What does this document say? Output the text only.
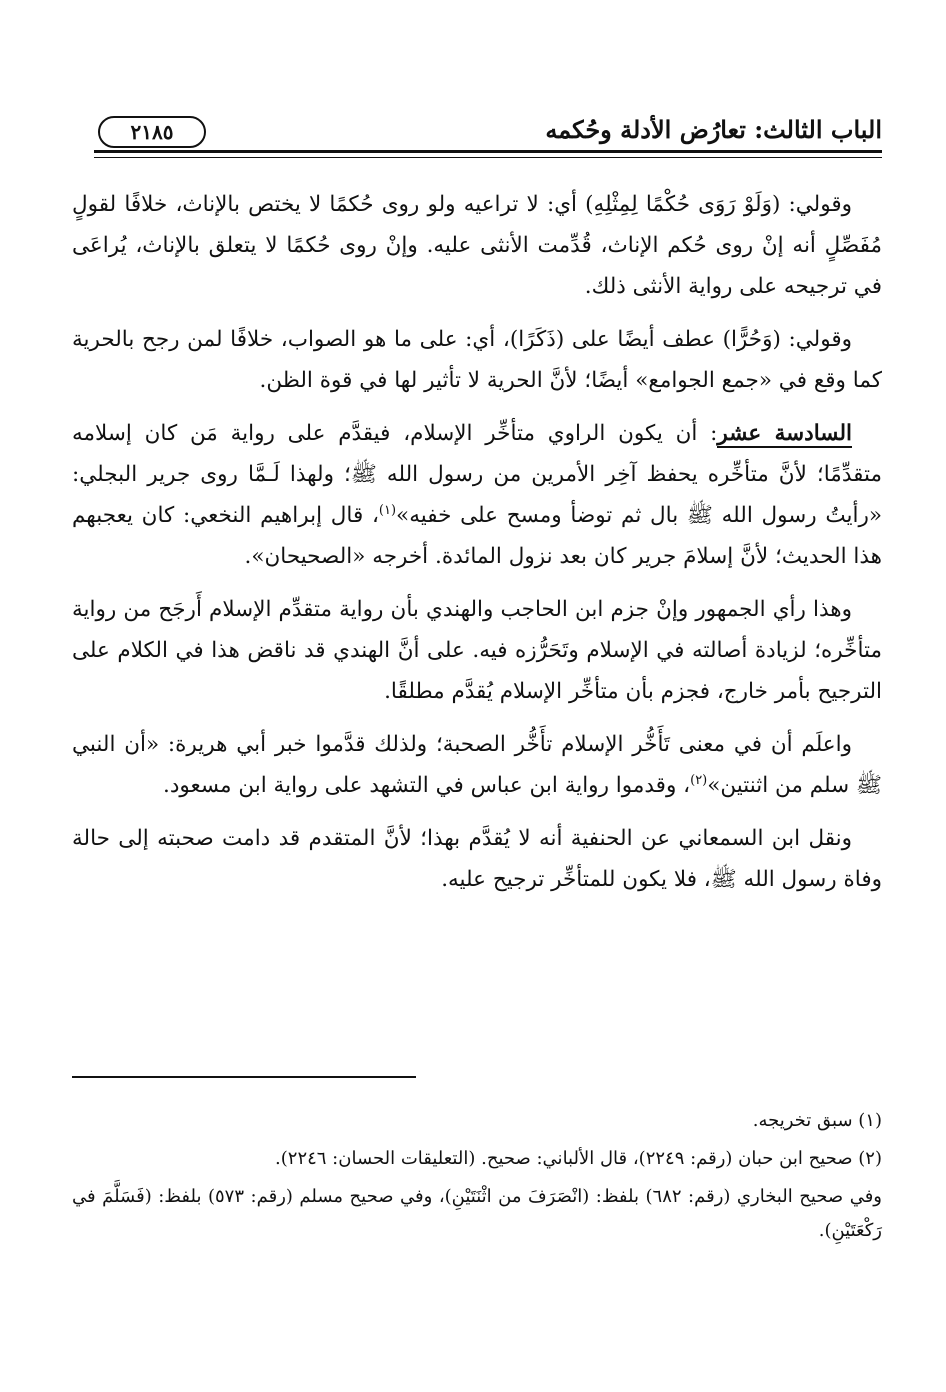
الباب الثالث: تعارُض الأدلة وحُكمه
٢١٨٥

وقولي: (وَلَوْ رَوَى حُكْمًا لِمِثْلِهِ) أي: لا تراعيه ولو روى حُكمًا لا يختص بالإناث، خلافًا لقولٍ مُفَصِّلٍ أنه إنْ روى حُكم الإناث، قُدِّمت الأنثى عليه. وإنْ روى حُكمًا لا يتعلق بالإناث، يُراعَى في ترجيحه على رواية الأنثى ذلك.

وقولي: (وَحُرًّا) عطف أيضًا على (ذَكَرًا)، أي: على ما هو الصواب، خلافًا لمن رجح بالحرية كما وقع في «جمع الجوامع» أيضًا؛ لأنَّ الحرية لا تأثير لها في قوة الظن.

السادسة عشر: أن يكون الراوي متأخِّر الإسلام، فيقدَّم على رواية مَن كان إسلامه متقدِّمًا؛ لأنَّ متأخِّره يحفظ آخِر الأمرين من رسول الله ﷺ؛ ولهذا لَـمَّا روى جرير البجلي: «رأيتُ رسول الله ﷺ بال ثم توضأ ومسح على خفيه»$^{(١)}$، قال إبراهيم النخعي: كان يعجبهم هذا الحديث؛ لأنَّ إسلامَ جرير كان بعد نزول المائدة. أخرجه «الصحيحان».

وهذا رأي الجمهور وإنْ جزم ابن الحاجب والهندي بأن رواية متقدِّم الإسلام أَرجَح من رواية متأخِّره؛ لزيادة أصالته في الإسلام وتَحَرُّزه فيه. على أنَّ الهندي قد ناقض هذا في الكلام على الترجيح بأمر خارج، فجزم بأن متأخِّر الإسلام يُقدَّم مطلقًا.

واعلَم أن في معنى تَأَخُّر الإسلام تأَخُّر الصحبة؛ ولذلك قدَّموا خبر أبي هريرة: «أن النبي ﷺ سلم من اثنتين»$^{(٢)}$، وقدموا رواية ابن عباس في التشهد على رواية ابن مسعود.

ونقل ابن السمعاني عن الحنفية أنه لا يُقدَّم بهذا؛ لأنَّ المتقدم قد دامت صحبته إلى حالة وفاة رسول الله ﷺ، فلا يكون للمتأخِّر ترجيح عليه.

(١) سبق تخريجه.

(٢) صحيح ابن حبان (رقم: ٢٢٤٩)، قال الألباني: صحيح. (التعليقات الحسان: ٢٢٤٦).

وفي صحيح البخاري (رقم: ٦٨٢) بلفظ: (انْصَرَفَ من اثْنَتَيْنِ)، وفي صحيح مسلم (رقم: ٥٧٣) بلفظ: (فَسَلَّمَ في رَكْعَتَيْنِ).
